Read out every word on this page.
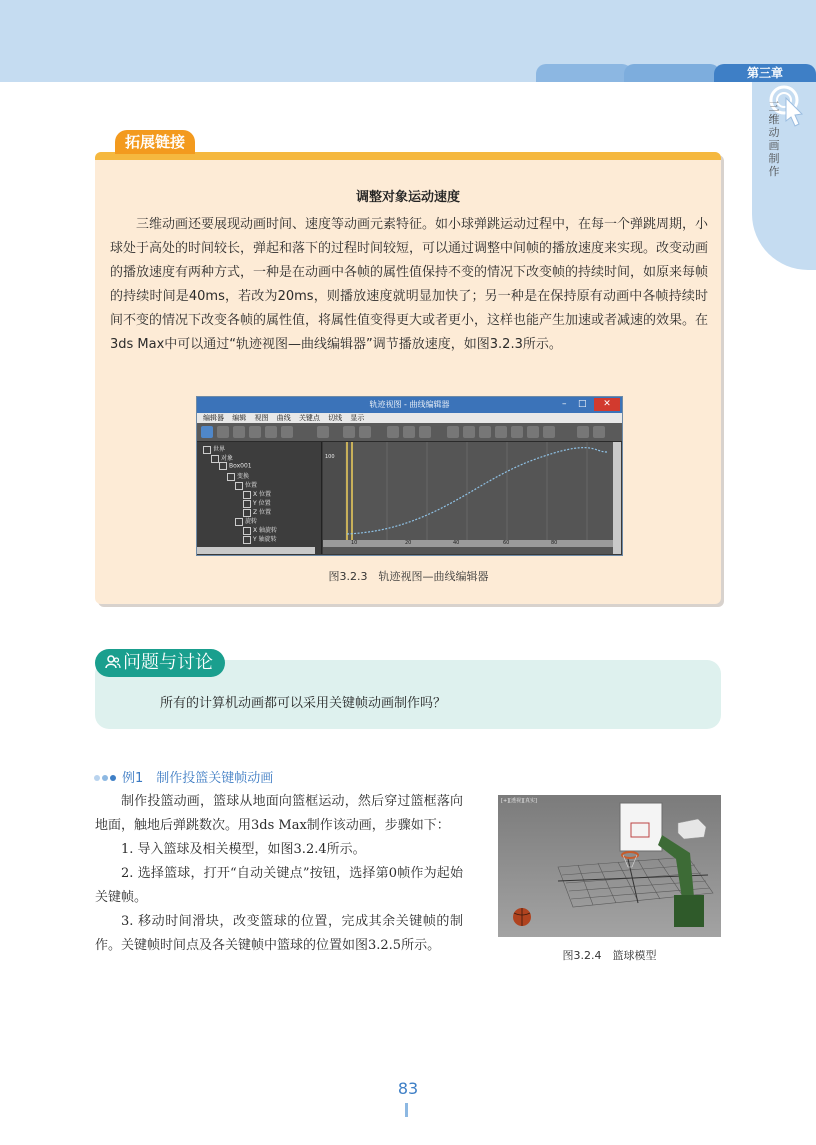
第三章
三维动画制作
拓展链接
调整对象运动速度

三维动画还要展现动画时间、速度等动画元素特征。如小球弹跳运动过程中，在每一个弹跳周期，小球处于高处的时间较长，弹起和落下的过程时间较短，可以通过调整中间帧的播放速度来实现。改变动画的播放速度有两种方式，一种是在动画中各帧的属性值保持不变的情况下改变帧的持续时间，如原来每帧的持续时间是40ms，若改为20ms，则播放速度就明显加快了；另一种是在保持原有动画中各帧持续时间不变的情况下改变各帧的属性值，将属性值变得更大或者更小，这样也能产生加速或者减速的效果。在3ds Max中可以通过“轨迹视图—曲线编辑器”调节播放速度，如图3.2.3所示。

轨迹视图 - 曲线编辑器	–	□	✕
编辑器 编辑 视图 曲线 关键点 切线 显示
世界
对象
Box001
变换
位置
X 位置
Y 位置
Z 位置
旋转
X 轴旋转
Y 轴旋转
100
10	20	40	60	80
图3.2.3　轨迹视图—曲线编辑器
问题与讨论
所有的计算机动画都可以采用关键帧动画制作吗？
例1　制作投篮关键帧动画

制作投篮动画，篮球从地面向篮框运动，然后穿过篮框落向地面，触地后弹跳数次。用3ds Max制作该动画，步骤如下：

1. 导入篮球及相关模型，如图3.2.4所示。

2. 选择篮球，打开“自动关键点”按钮，选择第0帧作为起始关键帧。

3. 移动时间滑块，改变篮球的位置，完成其余关键帧的制作。关键帧时间点及各关键帧中篮球的位置如图3.2.5所示。

[+][透视][真实]
图3.2.4　篮球模型
83
